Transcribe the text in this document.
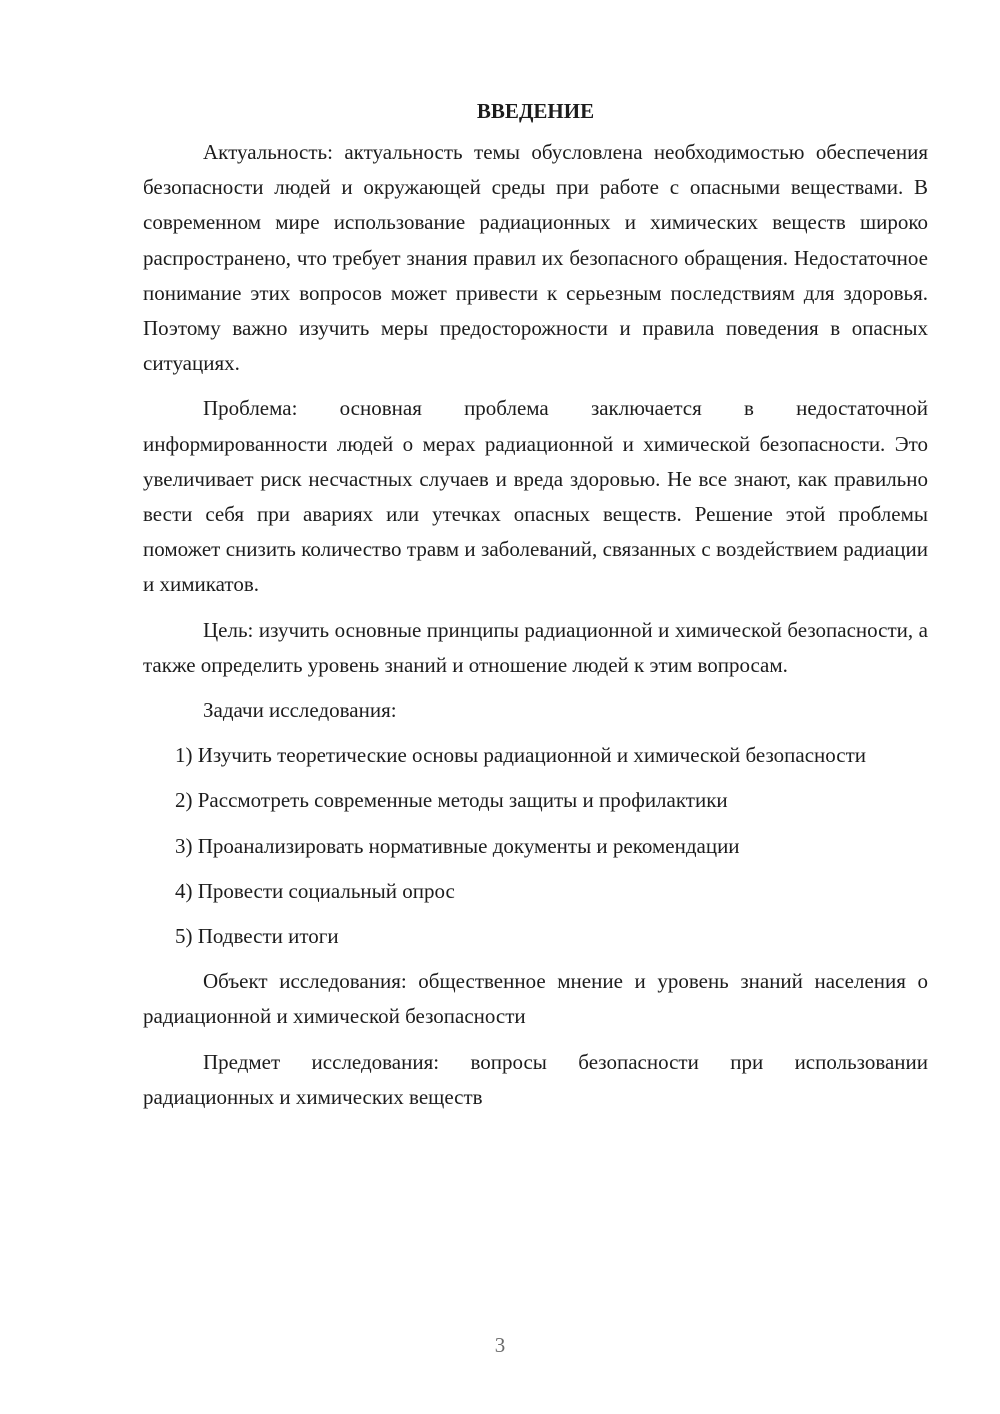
ВВЕДЕНИЕ

Актуальность: актуальность темы обусловлена необходимостью обеспечения безопасности людей и окружающей среды при работе с опасными веществами. В современном мире использование радиационных и химических веществ широко распространено, что требует знания правил их безопасного обращения. Недостаточное понимание этих вопросов может привести к серьезным последствиям для здоровья. Поэтому важно изучить меры предосторожности и правила поведения в опасных ситуациях.

Проблема: основная проблема заключается в недостаточной информированности людей о мерах радиационной и химической безопасности. Это увеличивает риск несчастных случаев и вреда здоровью. Не все знают, как правильно вести себя при авариях или утечках опасных веществ. Решение этой проблемы поможет снизить количество травм и заболеваний, связанных с воздействием радиации и химикатов.

Цель: изучить основные принципы радиационной и химической безопасности, а также определить уровень знаний и отношение людей к этим вопросам.

Задачи исследования:

1) Изучить теоретические основы радиационной и химической безопасности

2) Рассмотреть современные методы защиты и профилактики

3) Проанализировать нормативные документы и рекомендации

4) Провести социальный опрос

5) Подвести итоги

Объект исследования: общественное мнение и уровень знаний населения о радиационной и химической безопасности

Предмет исследования: вопросы безопасности при использовании радиационных и химических веществ

3
